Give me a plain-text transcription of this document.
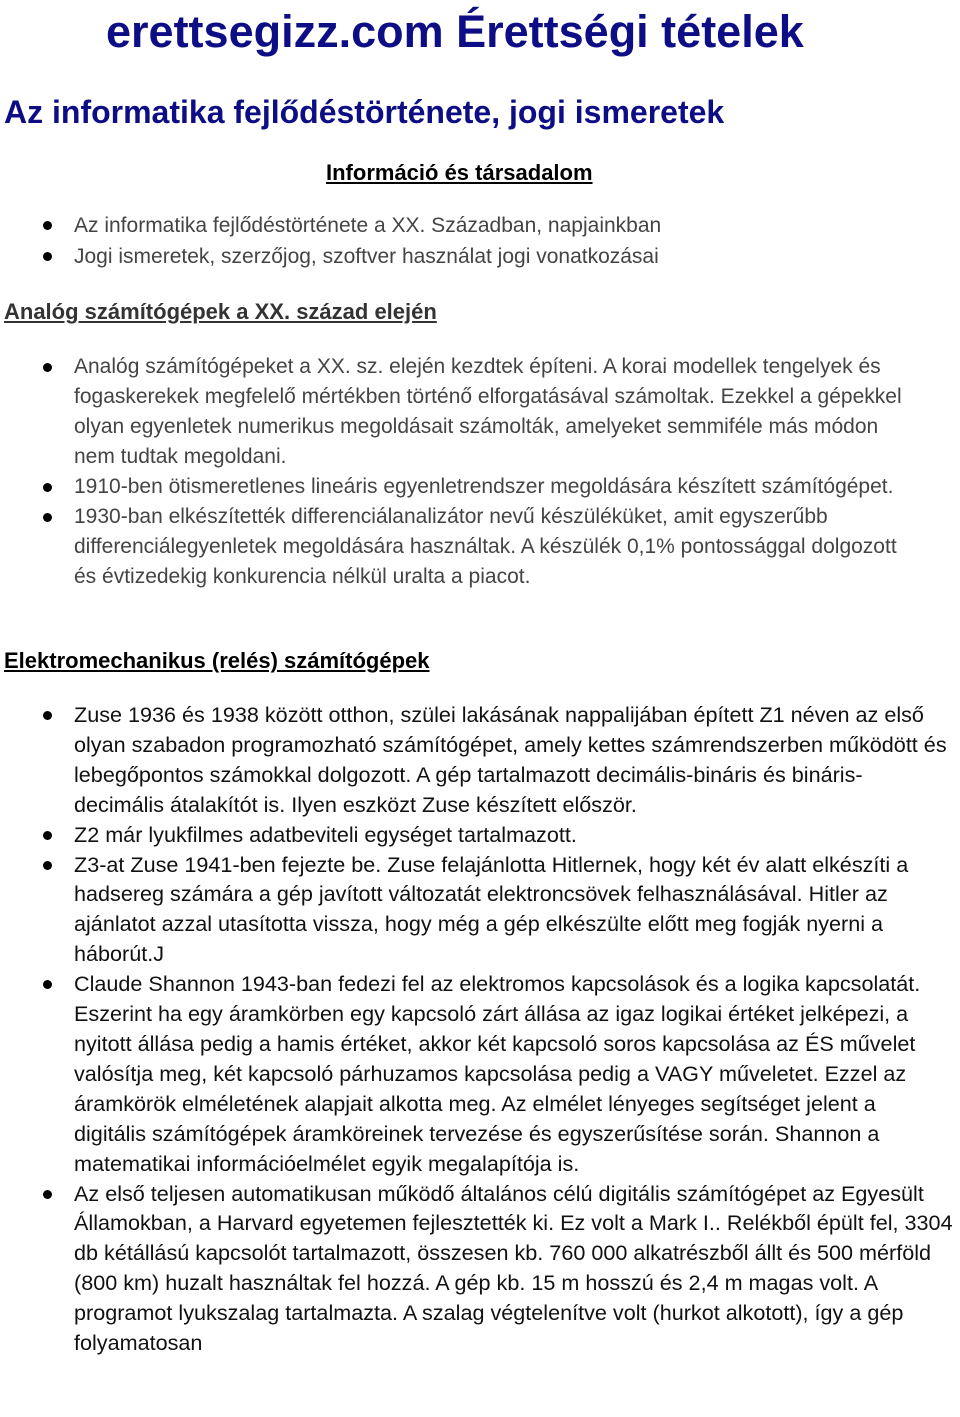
erettsegizz.com Érettségi tételek
Az informatika fejlődéstörténete, jogi ismeretek
Információ és társadalom
Az informatika fejlődéstörténete a XX. Században, napjainkban
Jogi ismeretek, szerzőjog, szoftver használat jogi vonatkozásai
Analóg számítógépek a XX. század elején
Analóg számítógépeket a XX. sz. elején kezdtek építeni. A korai modellek tengelyek és fogaskerekek megfelelő mértékben történő elforgatásával számoltak. Ezekkel a gépekkel olyan egyenletek numerikus megoldásait számolták, amelyeket semmiféle más módon nem tudtak megoldani.
1910-ben ötismeretlenes lineáris egyenletrendszer megoldására készített számítógépet.
1930-ban elkészítették differenciálanalizátor nevű készüléküket, amit egyszerűbb differenciálegyenletek megoldására használtak. A készülék 0,1% pontossággal dolgozott és évtizedekig konkurencia nélkül uralta a piacot.
Elektromechanikus (relés) számítógépek
Zuse 1936 és 1938 között otthon, szülei lakásának nappalijában épített Z1 néven az első olyan szabadon programozható számítógépet, amely kettes számrendszerben működött és lebegőpontos számokkal dolgozott. A gép tartalmazott decimális-bináris és bináris-decimális átalakítót is. Ilyen eszközt Zuse készített először.
Z2 már lyukfilmes adatbeviteli egységet tartalmazott.
Z3-at Zuse 1941-ben fejezte be. Zuse felajánlotta Hitlernek, hogy két év alatt elkészíti a hadsereg számára a gép javított változatát elektroncsövek felhasználásával. Hitler az ajánlatot azzal utasította vissza, hogy még a gép elkészülte előtt meg fogják nyerni a háborút.J
Claude Shannon 1943-ban fedezi fel az elektromos kapcsolások és a logika kapcsolatát. Eszerint ha egy áramkörben egy kapcsoló zárt állása az igaz logikai értéket jelképezi, a nyitott állása pedig a hamis értéket, akkor két kapcsoló soros kapcsolása az ÉS művelet valósítja meg, két kapcsoló párhuzamos kapcsolása pedig a VAGY műveletet. Ezzel az áramkörök elméletének alapjait alkotta meg. Az elmélet lényeges segítséget jelent a digitális számítógépek áramköreinek tervezése és egyszerűsítése során. Shannon a matematikai információelmélet egyik megalapítója is.
Az első teljesen automatikusan működő általános célú digitális számítógépet az Egyesült Államokban, a Harvard egyetemen fejlesztették ki. Ez volt a Mark I.. Relékből épült fel, 3304 db kétállású kapcsolót tartalmazott, összesen kb. 760 000 alkatrészből állt és 500 mérföld (800 km) huzalt használtak fel hozzá. A gép kb. 15 m hosszú és 2,4 m magas volt. A programot lyukszalag tartalmazta. A szalag végtelenítve volt (hurkot alkotott), így a gép folyamatosan
